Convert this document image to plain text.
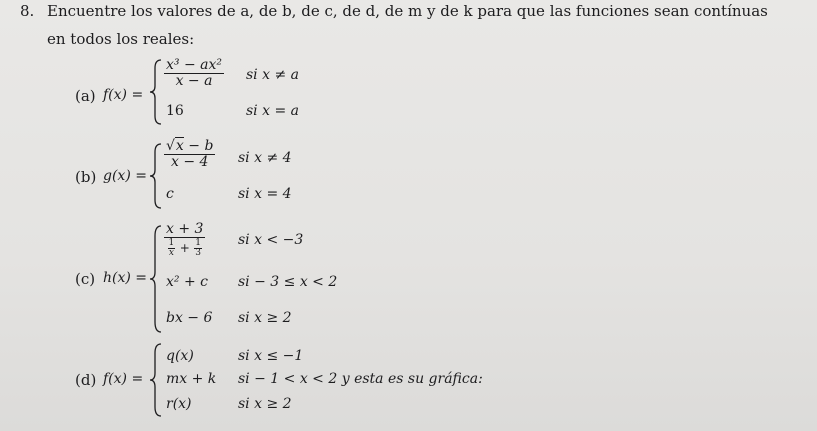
8. Encuentre los valores de a, de b, de c, de d, de m y de k para que las funciones sean contínuas
en todos los reales:
(a) f(x) =
$\frac{\text{x³ − ax²}}{x - a}$ si x ≠ a
16	si x = a
(b) g(x) =
$\frac{√x - b}{x - 4}$ si x ≠ 4
c	si x = 4
(c) h(x) =
$\frac{x + 3}{\frac{1}{x} + \frac{1}{3}}$ si x < −3
x² + c si − 3 ≤ x < 2
bx − 6 si x ≥ 2
(d) f(x) =
q(x)	si x ≤ −1
mx + k si − 1 < x < 2 y esta es su gráfica:
r(x)	si x ≥ 2
